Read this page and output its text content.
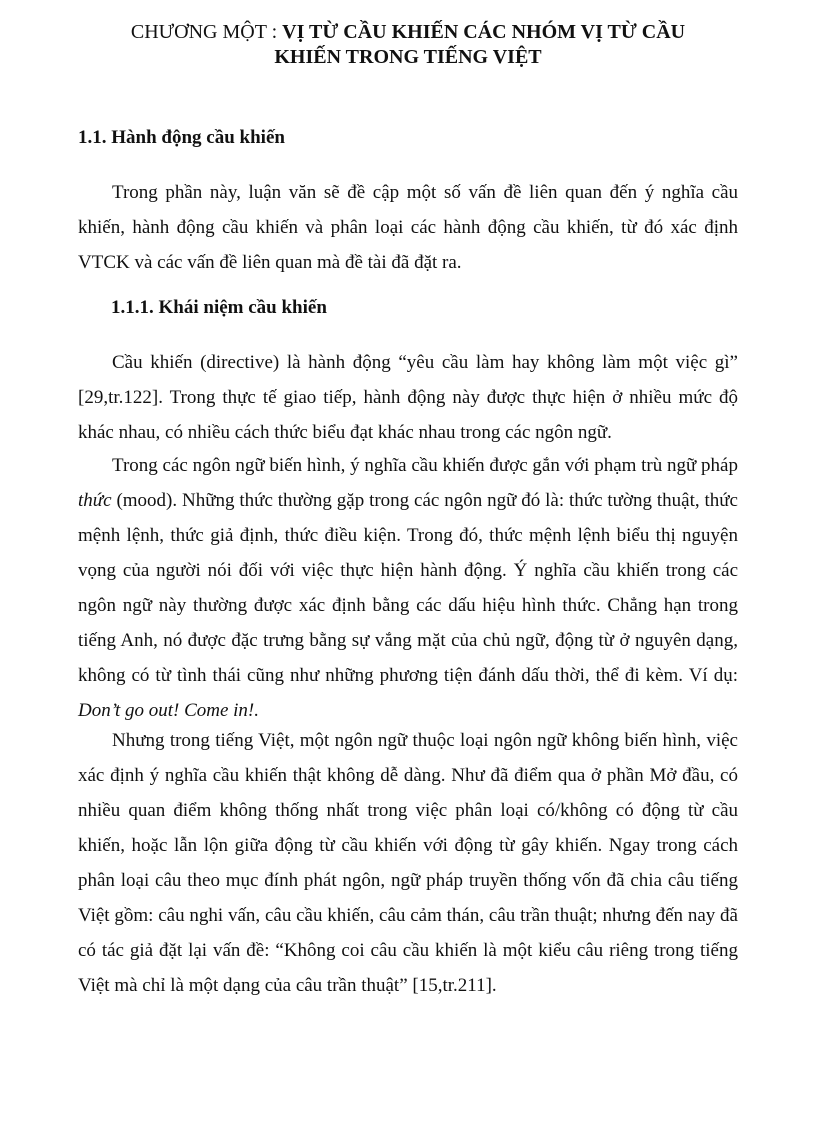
CHƯƠNG MỘT : VỊ TỪ CẦU KHIẾN CÁC NHÓM VỊ TỪ CẦU
KHIẾN TRONG TIẾNG VIỆT
1.1. Hành động cầu khiến

Trong phần này, luận văn sẽ đề cập một số vấn đề liên quan đến ý nghĩa cầu khiến, hành động cầu khiến và phân loại các hành động cầu khiến, từ đó xác định VTCK và các vấn đề liên quan mà đề tài đã đặt ra.

1.1.1. Khái niệm cầu khiến

Cầu khiến (directive) là hành động “yêu cầu làm hay không làm một việc gì” [29,tr.122]. Trong thực tế giao tiếp, hành động này được thực hiện ở nhiều mức độ khác nhau, có nhiều cách thức biểu đạt khác nhau trong các ngôn ngữ.

Trong các ngôn ngữ biến hình, ý nghĩa cầu khiến được gắn với phạm trù ngữ pháp thức (mood). Những thức thường gặp trong các ngôn ngữ đó là: thức tường thuật, thức mệnh lệnh, thức giả định, thức điều kiện. Trong đó, thức mệnh lệnh biểu thị nguyện vọng của người nói đối với việc thực hiện hành động. Ý nghĩa cầu khiến trong các ngôn ngữ này thường được xác định bằng các dấu hiệu hình thức. Chẳng hạn trong tiếng Anh, nó được đặc trưng bằng sự vắng mặt của chủ ngữ, động từ ở nguyên dạng, không có từ tình thái cũng như những phương tiện đánh dấu thời, thể đi kèm. Ví dụ: Don’t go out! Come in!.

Nhưng trong tiếng Việt, một ngôn ngữ thuộc loại ngôn ngữ không biến hình, việc xác định ý nghĩa cầu khiến thật không dễ dàng. Như đã điểm qua ở phần Mở đầu, có nhiều quan điểm không thống nhất trong việc phân loại có/không có động từ cầu khiến, hoặc lẫn lộn giữa động từ cầu khiến với động từ gây khiến. Ngay trong cách phân loại câu theo mục đính phát ngôn, ngữ pháp truyền thống vốn đã chia câu tiếng Việt gồm: câu nghi vấn, câu cầu khiến, câu cảm thán, câu trần thuật; nhưng đến nay đã có tác giả đặt lại vấn đề: “Không coi câu cầu khiến là một kiểu câu riêng trong tiếng Việt mà chỉ là một dạng của câu trần thuật” [15,tr.211].
